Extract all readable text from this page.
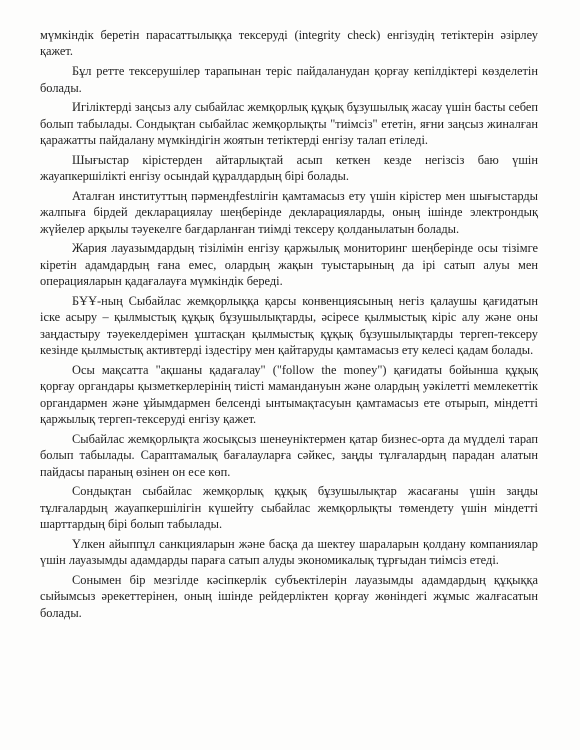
мүмкіндік беретін парасаттылыққа тексеруді (integrity check) енгізудің тетіктерін әзірлеу қажет.

Бұл ретте тексерушілер тарапынан теріс пайдаланудан қорғау кепілдіктері көзделетін болады.

Игіліктерді заңсыз алу сыбайлас жемқорлық құқық бұзушылық жасау үшін басты себеп болып табылады. Сондықтан сыбайлас жемқорлықты "тиімсіз" ететін, яғни заңсыз жиналған қаражатты пайдалану мүмкіндігін жоятын тетіктерді енгізу талап етіледі.

Шығыстар кірістерден айтарлықтай асып кеткен кезде негізсіз баю үшін жауапкершілікті енгізу осындай құралдардың бірі болады.

Аталған институттың пәрмендfestлігін қамтамасыз ету үшін кірістер мен шығыстарды жалпыға бірдей декларациялау шеңберінде декларацияларды, оның ішінде электрондық жүйелер арқылы тәуекелге бағдарланған тиімді тексеру қолданылатын болады.

Жария лауазымдардың тізілімін енгізу қаржылық мониторинг шеңберінде осы тізімге кіретін адамдардың ғана емес, олардың жақын туыстарының да ірі сатып алуы мен операцияларын қадағалауға мүмкіндік береді.

БҰҰ-ның Сыбайлас жемқорлыққа қарсы конвенциясының негіз қалаушы қағидатын іске асыру – қылмыстық құқық бұзушылықтарды, әсіресе қылмыстық кіріс алу және оны заңдастыру тәуекелдерімен ұштасқан қылмыстық құқық бұзушылықтарды тергеп-тексеру кезінде қылмыстық активтерді іздестіру мен қайтаруды қамтамасыз ету келесі қадам болады.

Осы мақсатта "ақшаны қадағалау" ("follow the money") қағидаты бойынша құқық қорғау органдары қызметкерлерінің тиісті мамандануын және олардың уәкілетті мемлекеттік органдармен және ұйымдармен белсенді ынтымақтасуын қамтамасыз ете отырып, міндетті қаржылық тергеп-тексеруді енгізу қажет.

Сыбайлас жемқорлықта жосықсыз шенеуніктермен қатар бизнес-орта да мүдделі тарап болып табылады. Сараптамалық бағалауларға сәйкес, заңды тұлғалардың парадан алатын пайдасы параның өзінен он есе көп.

Сондықтан сыбайлас жемқорлық құқық бұзушылықтар жасағаны үшін заңды тұлғалардың жауапкершілігін күшейту сыбайлас жемқорлықты төмендету үшін міндетті шарттардың бірі болып табылады.

Үлкен айыппұл санкцияларын және басқа да шектеу шараларын қолдану компаниялар үшін лауазымды адамдарды параға сатып алуды экономикалық тұрғыдан тиімсіз етеді.

Сонымен бір мезгілде кәсіпкерлік субъектілерін лауазымды адамдардың құқыққа сыйымсыз әрекеттерінен, оның ішінде рейдерліктен қорғау жөніндегі жұмыс жалғасатын болады.
